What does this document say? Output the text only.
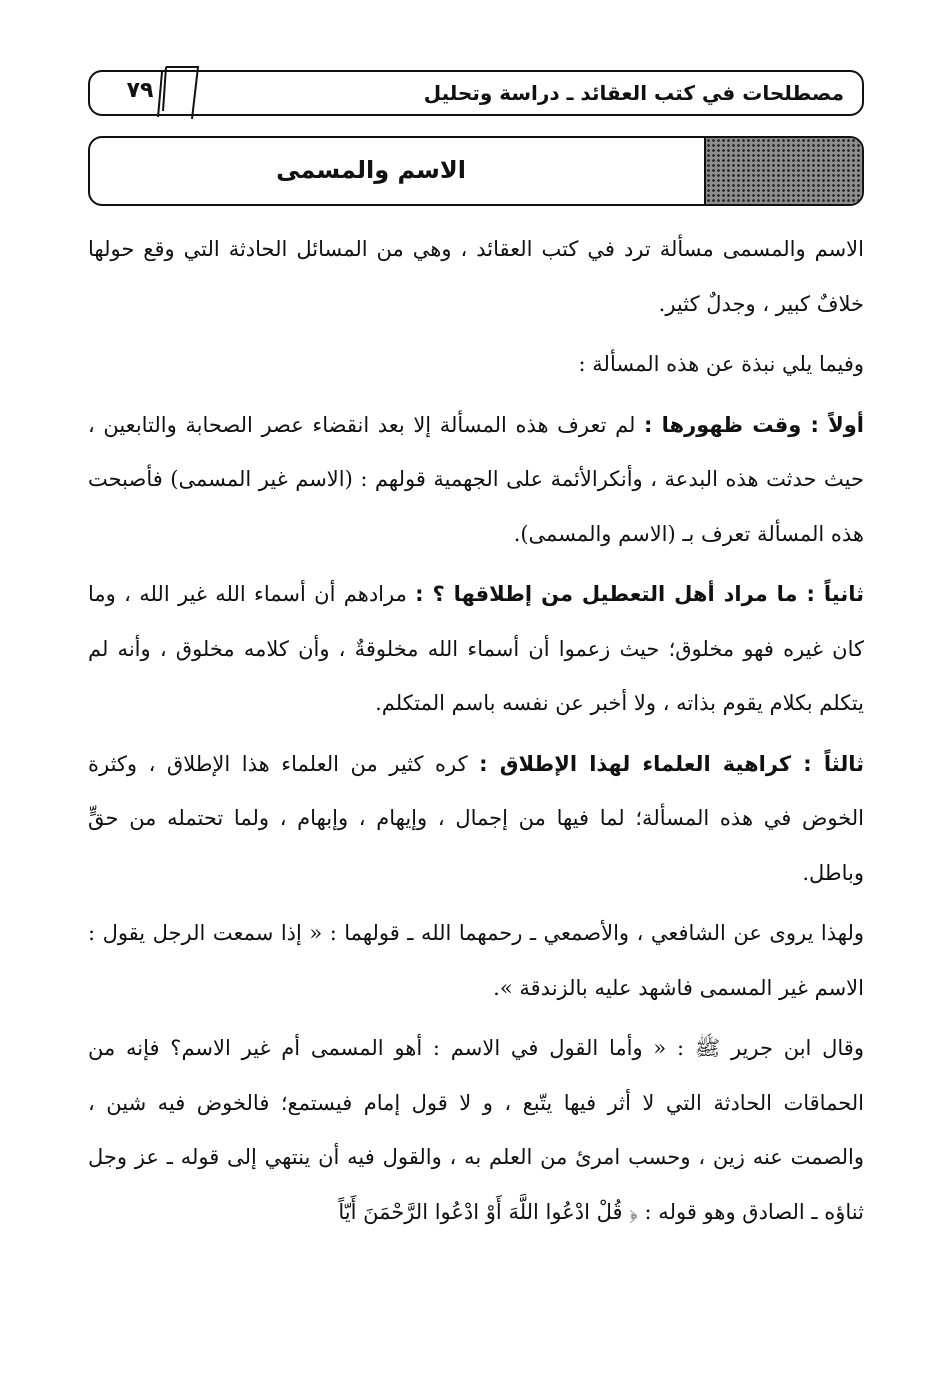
مصطلحات في كتب العقائد ـ دراسة وتحليل
٧٩
الاسم والمسمى

الاسم والمسمى مسألة ترد في كتب العقائد ، وهي من المسائل الحادثة التي وقع حولها خلافٌ كبير ، وجدلٌ كثير.

وفيما يلي نبذة عن هذه المسألة :

أولاً : وقت ظهورها : لم تعرف هذه المسألة إلا بعد انقضاء عصر الصحابة والتابعين ، حيث حدثت هذه البدعة ، وأنكرالأئمة على الجهمية قولهم : (الاسم غير المسمى) فأصبحت هذه المسألة تعرف بـ (الاسم والمسمى).

ثانياً : ما مراد أهل التعطيل من إطلاقها ؟ : مرادهم أن أسماء الله غير الله ، وما كان غيره فهو مخلوق؛ حيث زعموا أن أسماء الله مخلوقةٌ ، وأن كلامه مخلوق ، وأنه لم يتكلم بكلام يقوم بذاته ، ولا أخبر عن نفسه باسم المتكلم.

ثالثاً : كراهية العلماء لهذا الإطلاق : كره كثير من العلماء هذا الإطلاق ، وكثرة الخوض في هذه المسألة؛ لما فيها من إجمال ، وإيهام ، وإبهام ، ولما تحتمله من حقٍّ وباطل.

ولهذا يروى عن الشافعي ، والأصمعي ـ رحمهما الله ـ قولهما : « إذا سمعت الرجل يقول : الاسم غير المسمى فاشهد عليه بالزندقة ».

وقال ابن جرير ﷺ : « وأما القول في الاسم : أهو المسمى أم غير الاسم؟ فإنه من الحماقات الحادثة التي لا أثر فيها يتّبع ، و لا قول إمام فيستمع؛ فالخوض فيه شين ، والصمت عنه زين ، وحسب امرئ من العلم به ، والقول فيه أن ينتهي إلى قوله ـ عز وجل ثناؤه ـ الصادق وهو قوله : ﴿ قُلْ ادْعُوا اللَّهَ أَوْ ادْعُوا الرَّحْمَنَ أَيّاً
